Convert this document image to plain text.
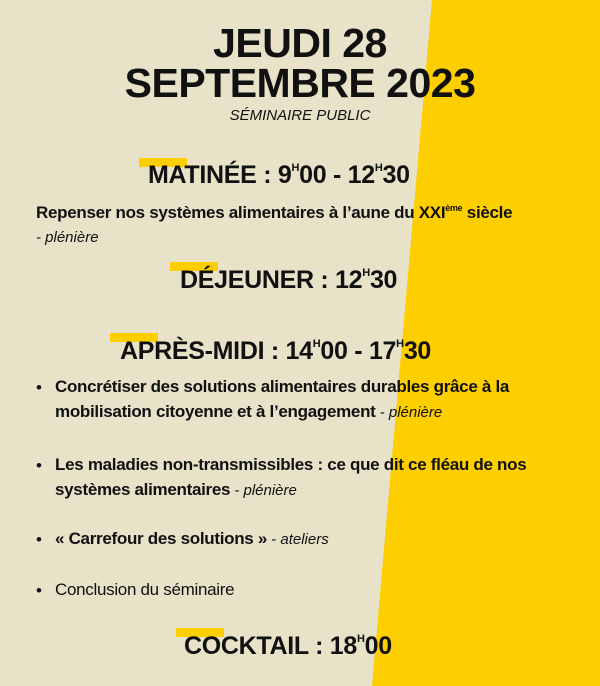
JEUDI 28
SEPTEMBRE 2023
SÉMINAIRE PUBLIC
MATINÉE : $9^H00 - 12^H30$
Repenser nos systèmes alimentaires à l’aune du XXIème siècle
- plénière
DÉJEUNER : $12^H30$
APRÈS-MIDI : $14^H00 - 17^H30$
• Concrétiser des solutions alimentaires durables grâce à la
mobilisation citoyenne et à l’engagement - plénière
• Les maladies non-transmissibles : ce que dit ce fléau de nos
systèmes alimentaires - plénière
• « Carrefour des solutions » - ateliers
• Conclusion du séminaire
COCKTAIL : $18^H00$
